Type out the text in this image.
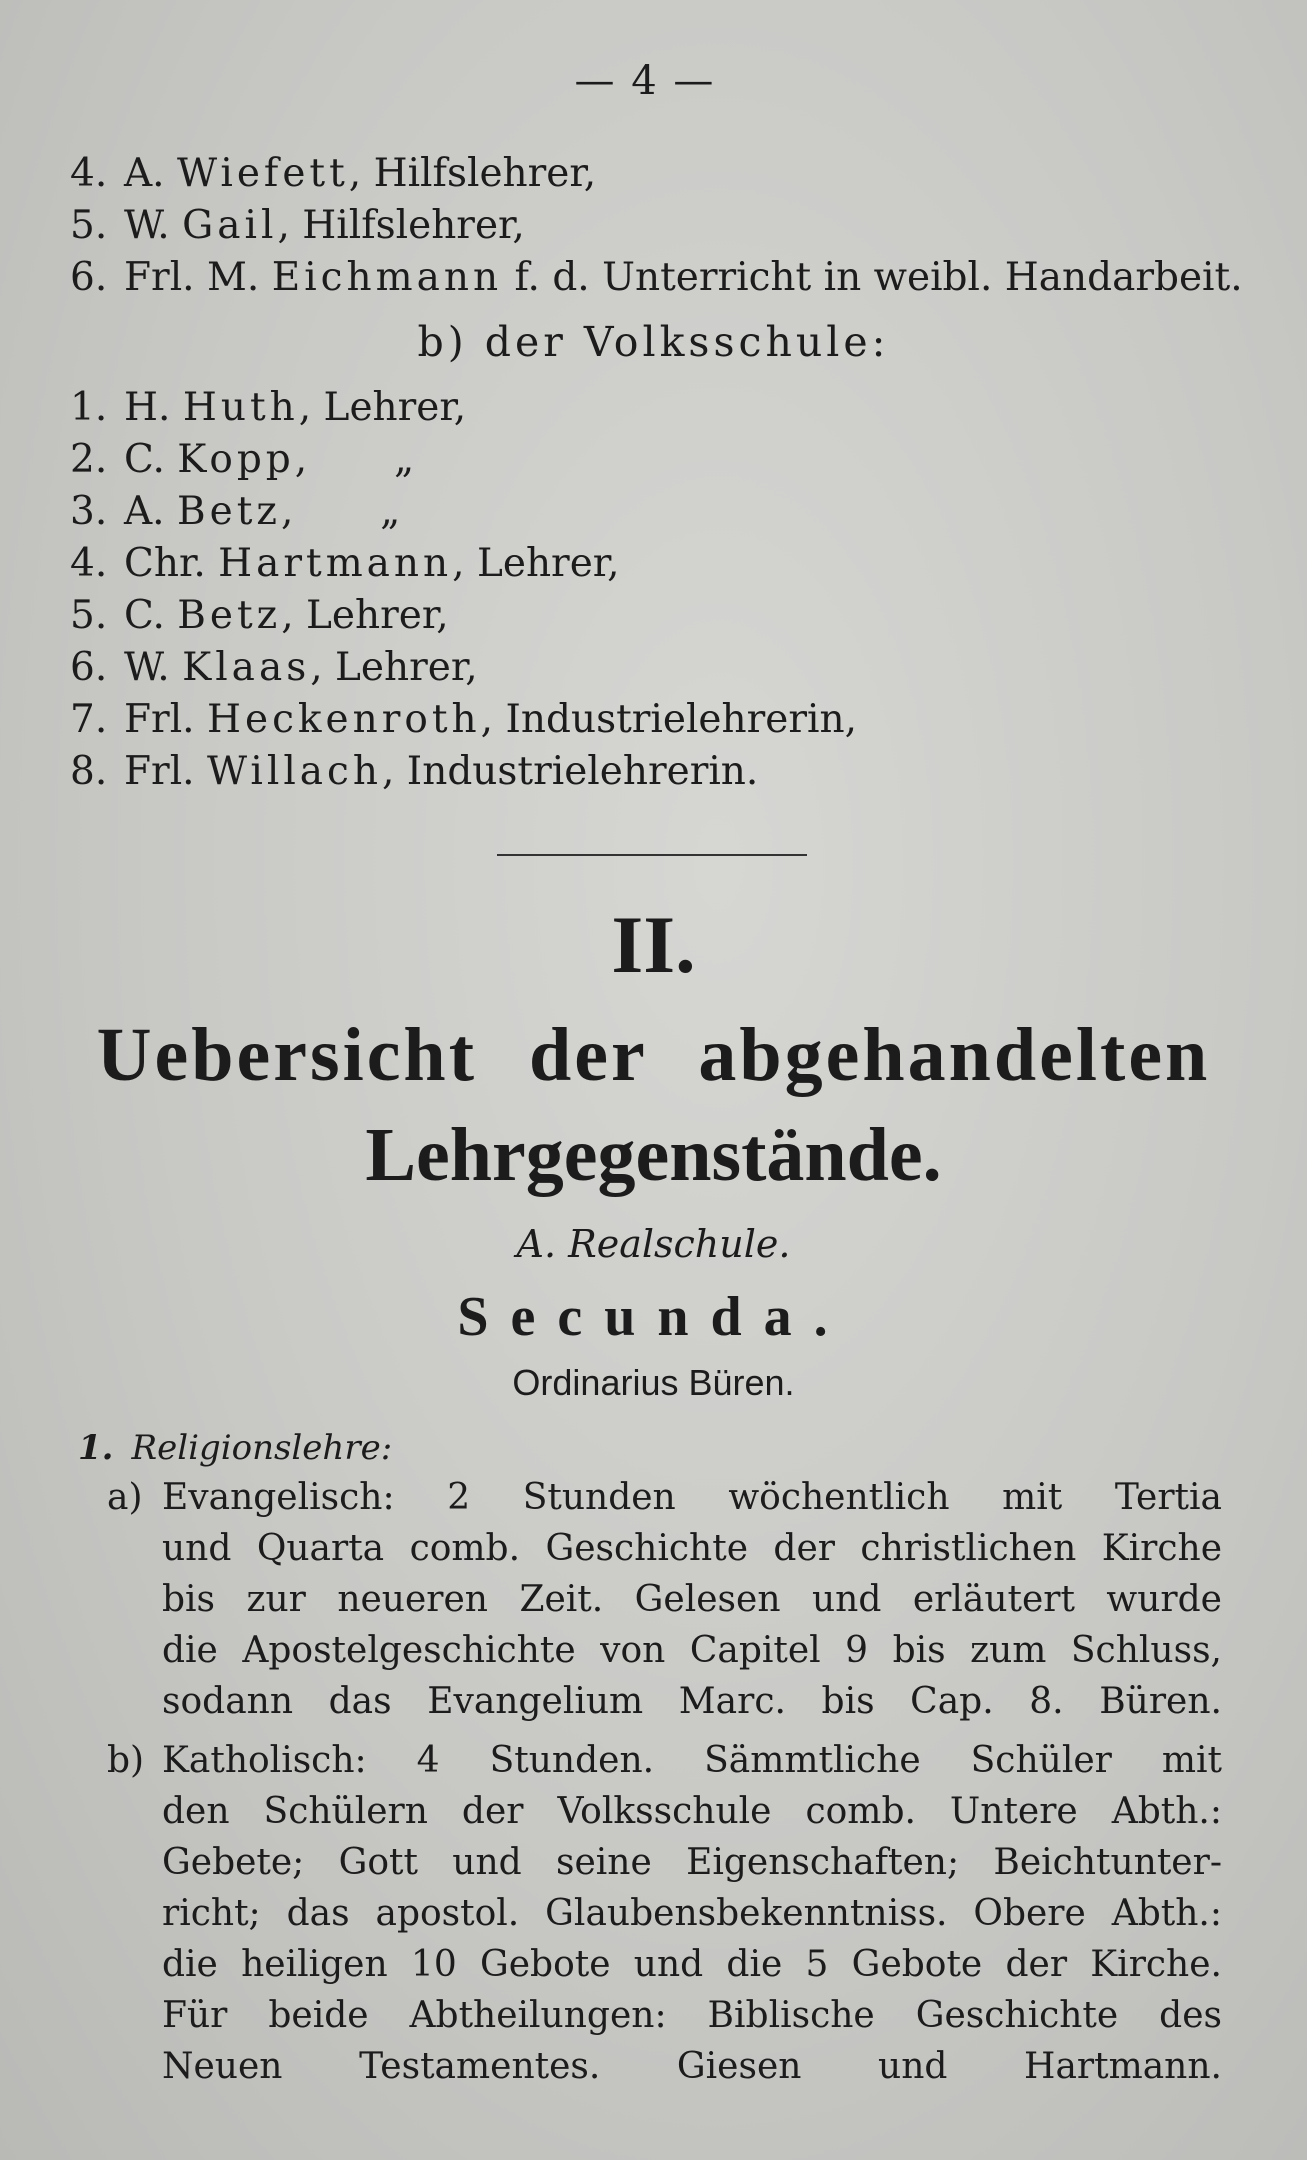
— 4 —
4. A. Wiefett, Hilfslehrer,
5. W. Gail, Hilfslehrer,
6. Frl. M. Eichmann f. d. Unterricht in weibl. Handarbeit.
b) der Volksschule:
1. H. Huth, Lehrer,
2. C. Kopp,       „
3. A. Betz,       „
4. Chr. Hartmann, Lehrer,
5. C. Betz, Lehrer,
6. W. Klaas, Lehrer,
7. Frl. Heckenroth, Industrielehrerin,
8. Frl. Willach, Industrielehrerin.
II.
Uebersicht der abgehandelten
Lehrgegenstände.
A. Realschule.
Secunda.
Ordinarius Büren.
1. Religionslehre:
a) Evangelisch: 2 Stunden wöchentlich mit Tertia
und Quarta comb. Geschichte der christlichen Kirche
bis zur neueren Zeit. Gelesen und erläutert wurde
die Apostelgeschichte von Capitel 9 bis zum Schluss,
sodann das Evangelium Marc. bis Cap. 8. Büren.
b) Katholisch: 4 Stunden. Sämmtliche Schüler mit
den Schülern der Volksschule comb. Untere Abth.:
Gebete; Gott und seine Eigenschaften; Beichtunter-
richt; das apostol. Glaubensbekenntniss. Obere Abth.:
die heiligen 10 Gebote und die 5 Gebote der Kirche.
Für beide Abtheilungen: Biblische Geschichte des
Neuen Testamentes. Giesen und Hartmann.
